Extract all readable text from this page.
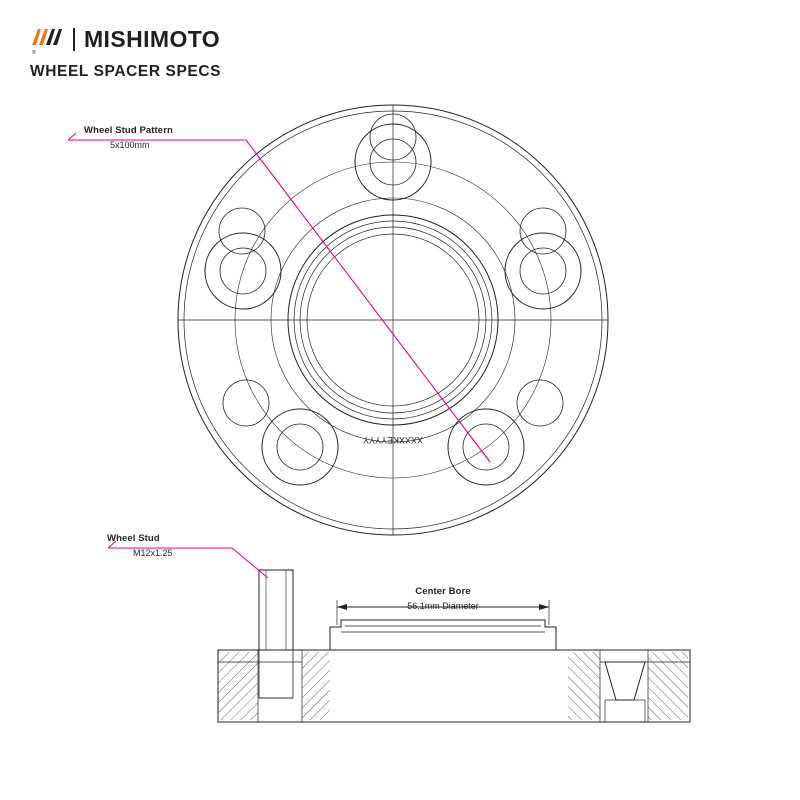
®
MISHIMOTO
WHEEL SPACER SPECS
Wheel Stud Pattern
5x100mm
Wheel Stud
M12x1.25
Center Bore
56.1mm Diameter
XXXXKEYYYY
